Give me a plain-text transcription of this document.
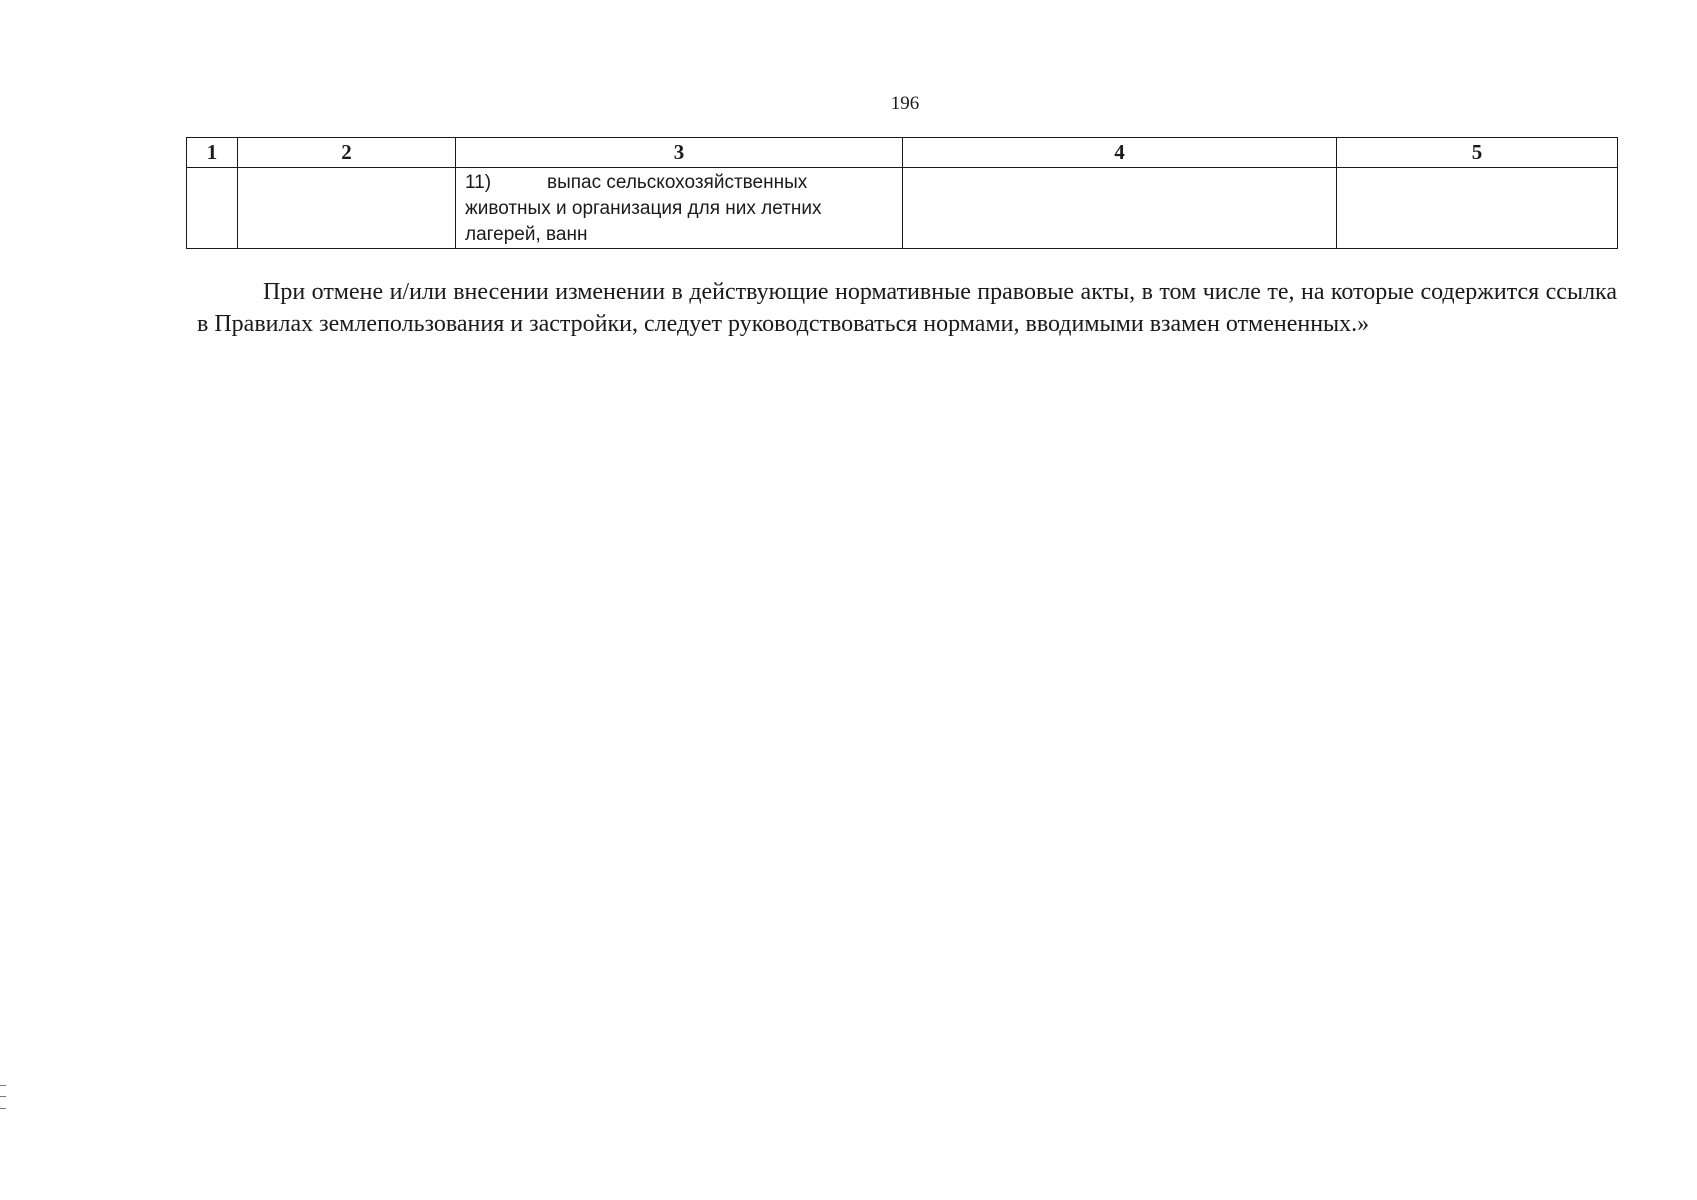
196
1	2	3	4	5

		11) выпас сельскохозяйственных животных и организация для них летних лагерей, ванн		

При отмене и/или внесении изменении в действующие нормативные правовые акты, в том числе те, на которые содержится ссылка в Правилах землепользования и застройки, следует руководствоваться нормами, вводимыми взамен отмененных.»
